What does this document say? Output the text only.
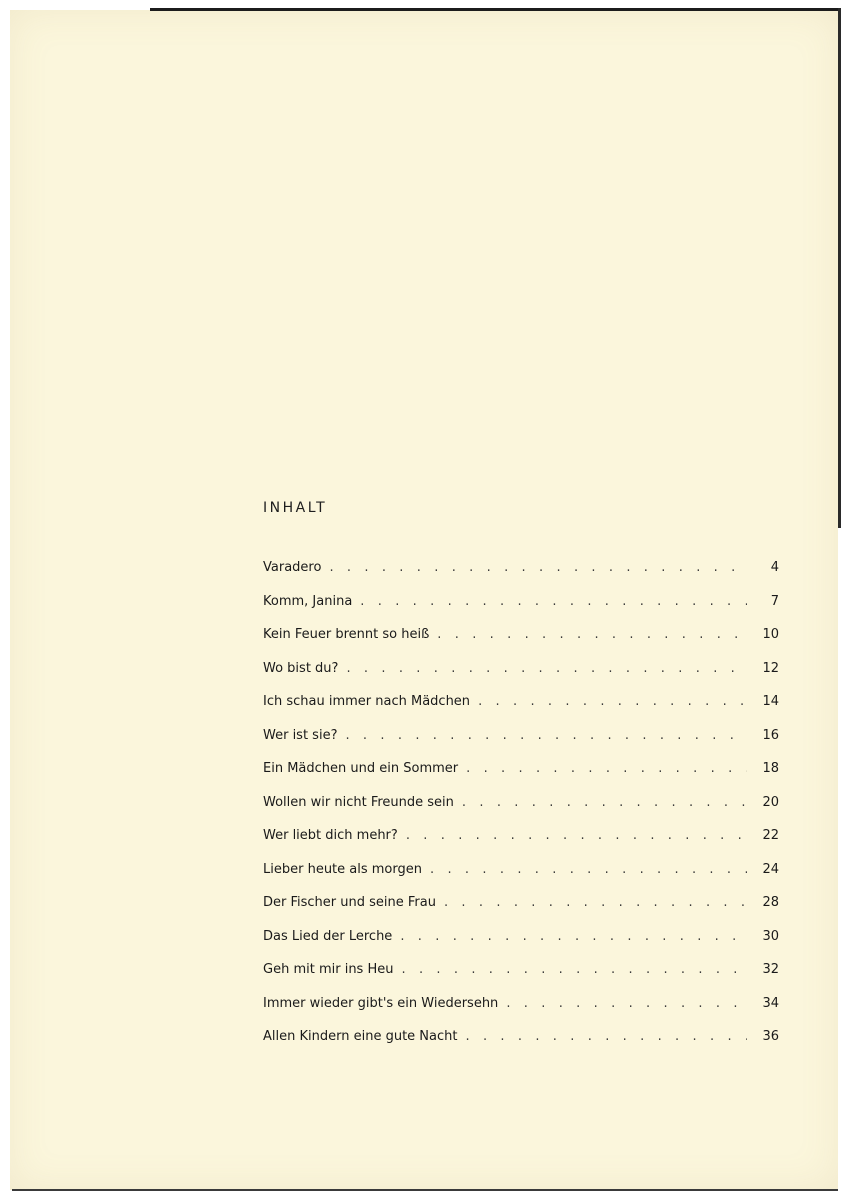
INHALT
Varadero . . .	4
Komm, Janina . . .	7
Kein Feuer brennt so heiß . . .	10
Wo bist du? . . .	12
Ich schau immer nach Mädchen . . .	14
Wer ist sie? . . .	16
Ein Mädchen und ein Sommer . . .	18
Wollen wir nicht Freunde sein . . .	20
Wer liebt dich mehr? . . .	22
Lieber heute als morgen . . .	24
Der Fischer und seine Frau . . .	28
Das Lied der Lerche . . .	30
Geh mit mir ins Heu . . .	32
Immer wieder gibt's ein Wiedersehn . . .	34
Allen Kindern eine gute Nacht . . .	36
